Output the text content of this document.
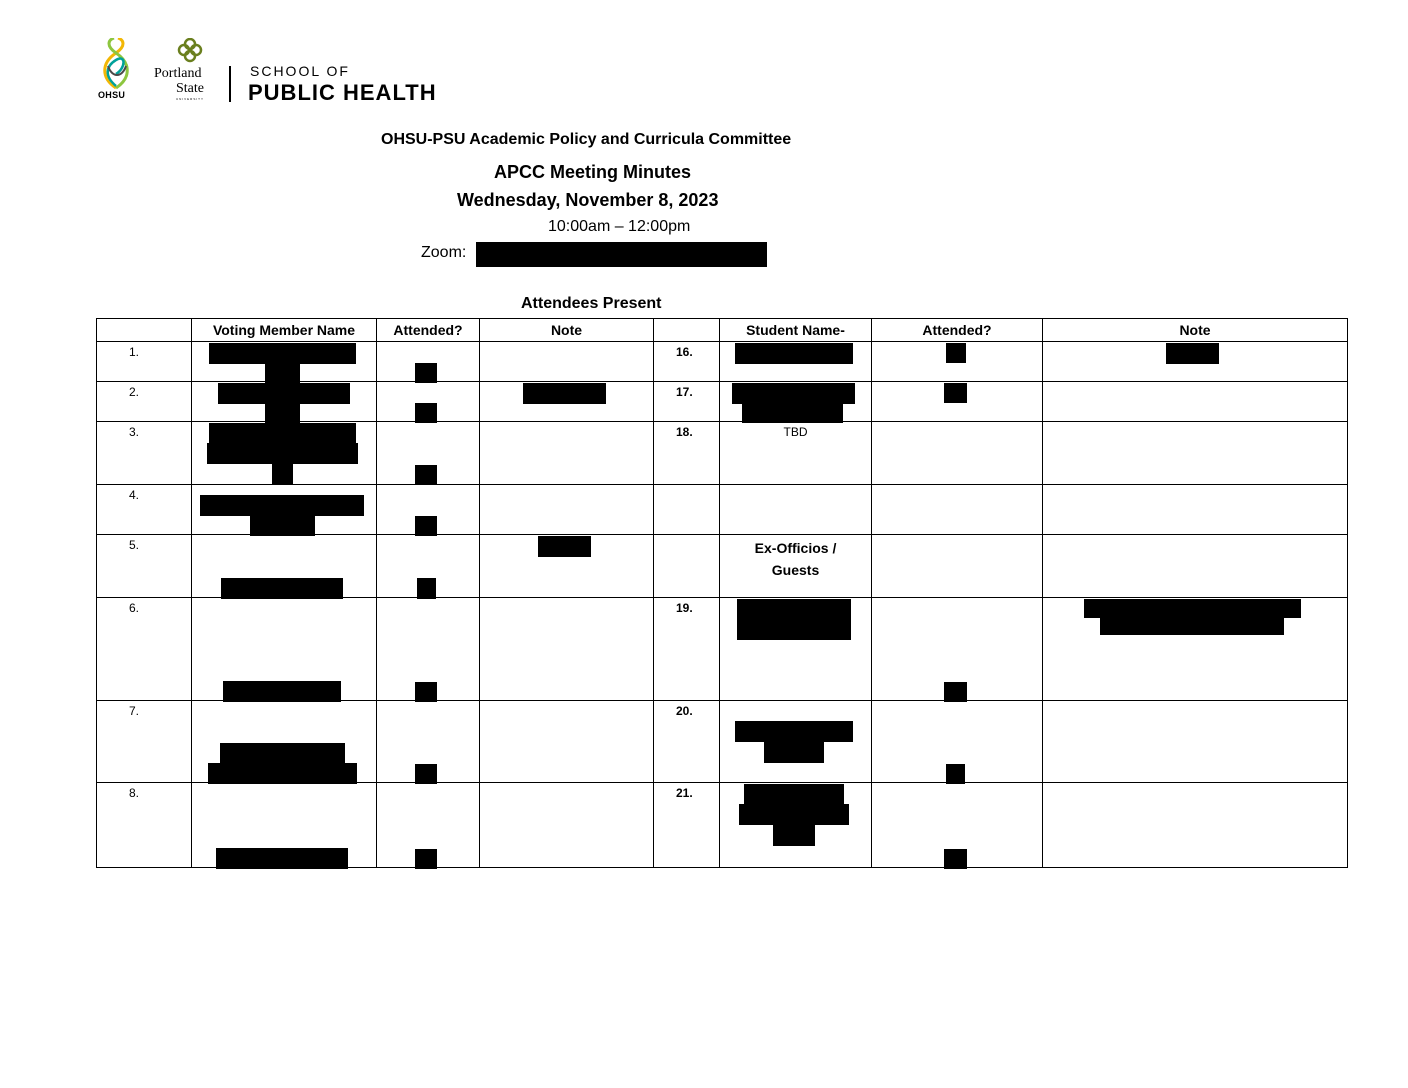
OHSU
Portland
State
UNIVERSITY
SCHOOL OF
PUBLIC HEALTH
OHSU-PSU Academic Policy and Curricula Committee
APCC Meeting Minutes
Wednesday, November 8, 2023
10:00am – 12:00pm
Zoom:
Attendees Present
	Voting Member Name	Attended?	Note		Student Name-	Attended?	Note

1.				16.			

2.				17.			

3.				18.	TBD		

4.							

5.					Ex-Officios /
Guests		

6.				19.			

7.				20.			

8.				21.			
